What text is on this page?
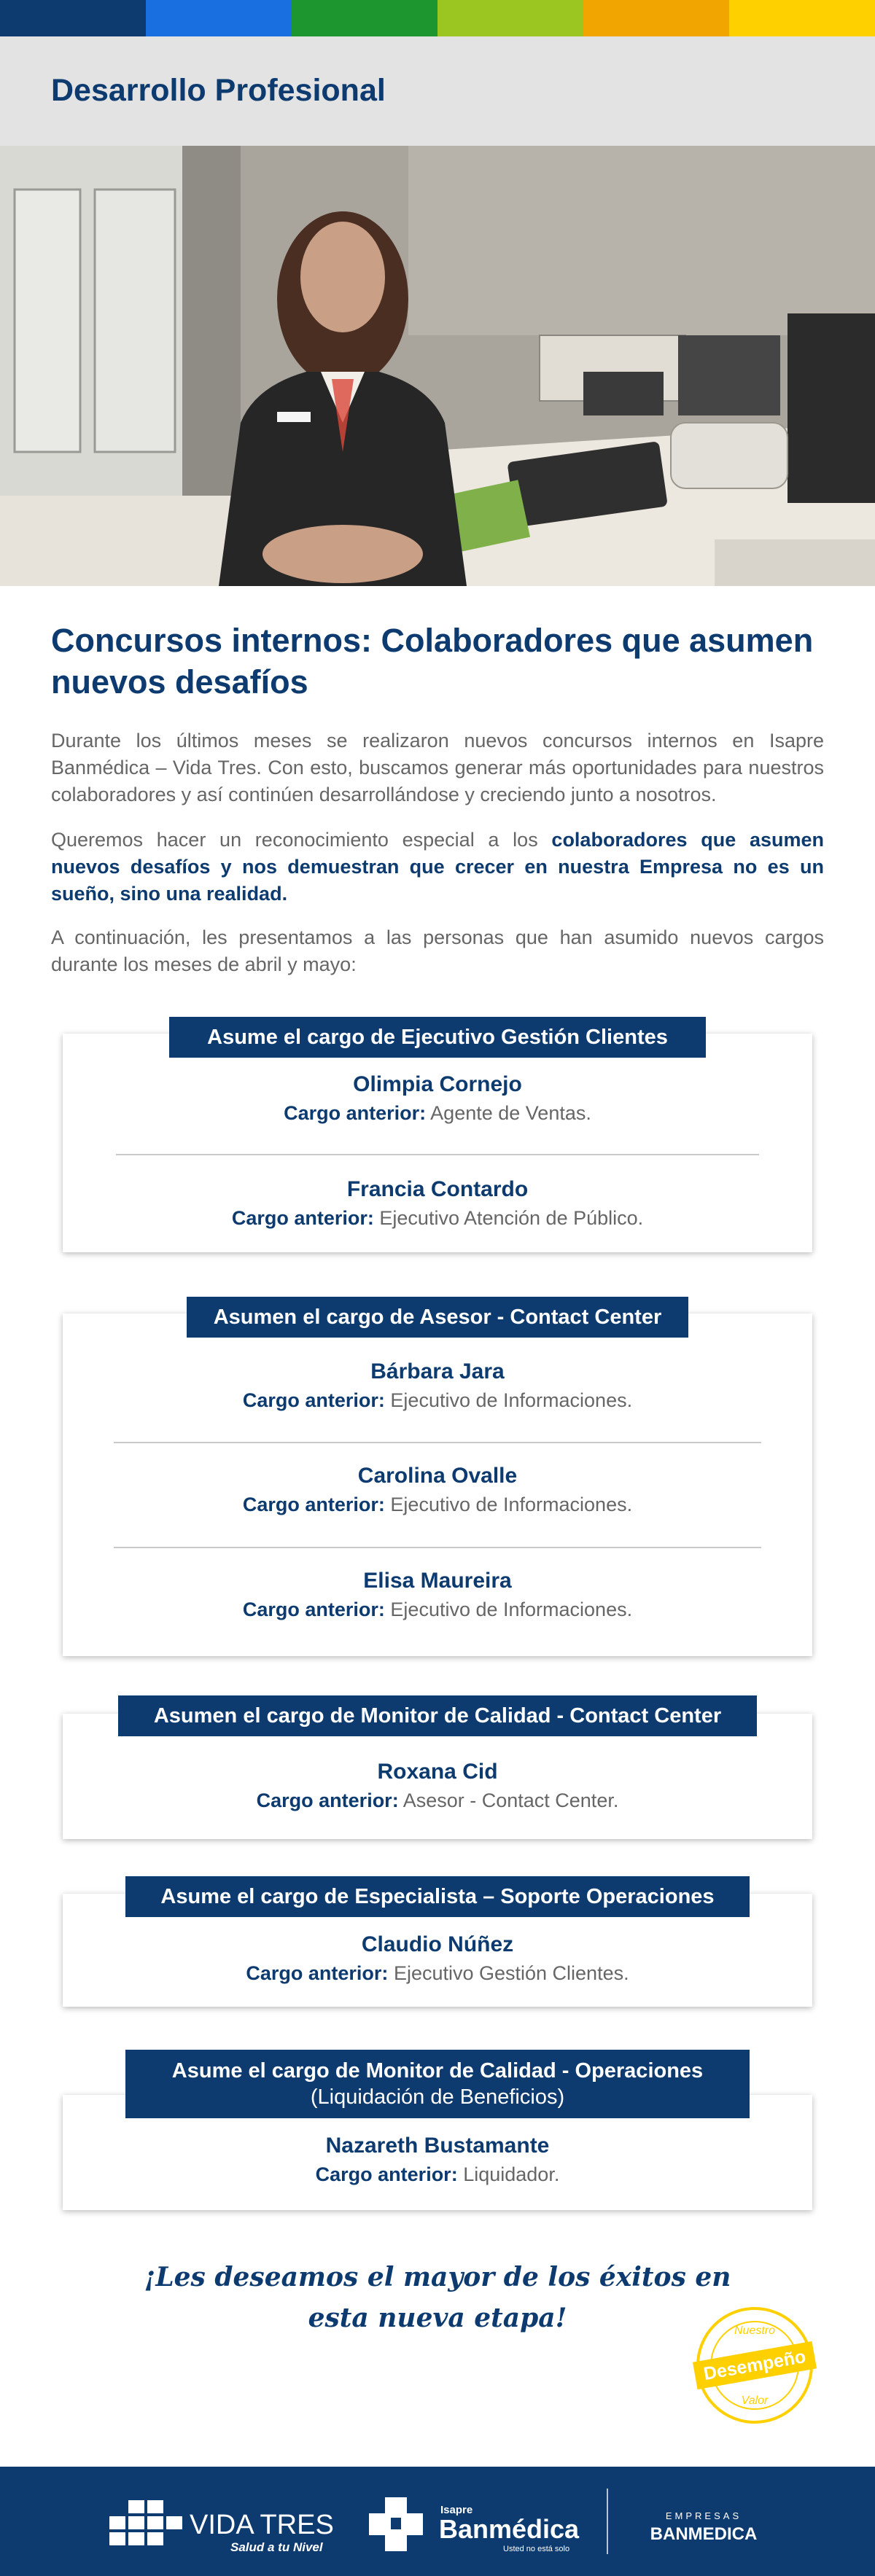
Desarrollo Profesional
Concursos internos: Colaboradores que asumen nuevos desafíos

Durante los últimos meses se realizaron nuevos concursos internos en Isapre Banmédica – Vida Tres. Con esto, buscamos generar más oportunidades para nuestros colaboradores y así continúen desarrollándose y creciendo junto a nosotros.

Queremos hacer un reconocimiento especial a los colaboradores que asumen nuevos desafíos y nos demuestran que crecer en nuestra Empresa no es un sueño, sino una realidad.

A continuación, les presentamos a las personas que han asumido nuevos cargos durante los meses de abril y mayo:

Olimpia Cornejo
Cargo anterior: Agente de Ventas.
Francia Contardo
Cargo anterior: Ejecutivo Atención de Público.
Asume el cargo de Ejecutivo Gestión Clientes
Bárbara Jara
Cargo anterior: Ejecutivo de Informaciones.
Carolina Ovalle
Cargo anterior: Ejecutivo de Informaciones.
Elisa Maureira
Cargo anterior: Ejecutivo de Informaciones.
Asumen el cargo de Asesor - Contact Center
Roxana Cid
Cargo anterior: Asesor - Contact Center.
Asumen el cargo de Monitor de Calidad - Contact Center
Claudio Núñez
Cargo anterior: Ejecutivo Gestión Clientes.
Asume el cargo de Especialista – Soporte Operaciones
Nazareth Bustamante
Cargo anterior: Liquidador.
Asume el cargo de Monitor de Calidad - Operaciones
(Liquidación de Beneficios)
¡Les deseamos el mayor de los éxitos en
esta nueva etapa!	Nuestro
Desempeño
Valor
VIDA TRES
Salud a tu Nivel
Isapre
Banmédica
Usted no está solo
EMPRESAS
BANMEDICA
